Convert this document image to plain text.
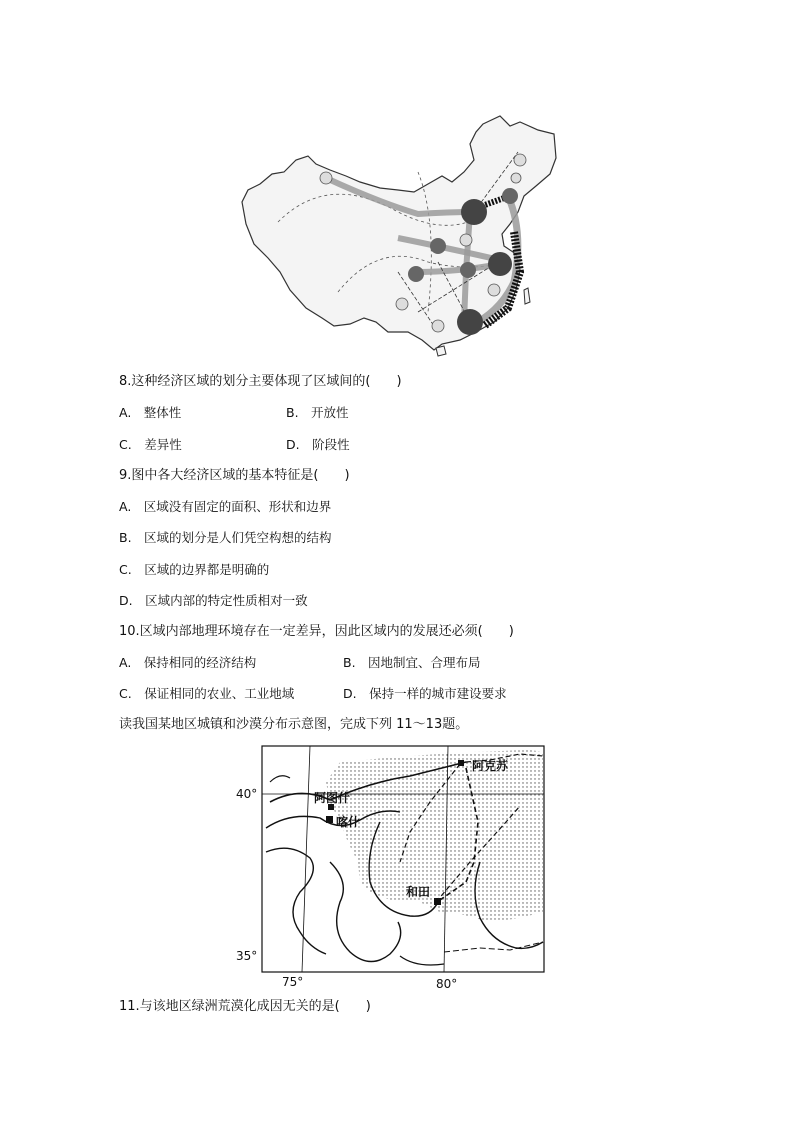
8.这种经济区域的划分主要体现了区域间的(　　)
A.　整体性	B.　开放性
C.　差异性	D.　阶段性
9.图中各大经济区域的基本特征是(　　)
A.　区域没有固定的面积、形状和边界
B.　区域的划分是人们凭空构想的结构
C.　区域的边界都是明确的
D.　区域内部的特定性质相对一致
10.区域内部地理环境存在一定差异，因此区域内的发展还必须(　　)
A.　保持相同的经济结构	B.　因地制宜、合理布局
C.　保证相同的农业、工业地域	D.　保持一样的城市建设要求
读我国某地区城镇和沙漠分布示意图，完成下列 11～13题。
阿克苏
阿图什
喀什
和田
40°
35°
75°	80°
11.与该地区绿洲荒漠化成因无关的是(　　)
